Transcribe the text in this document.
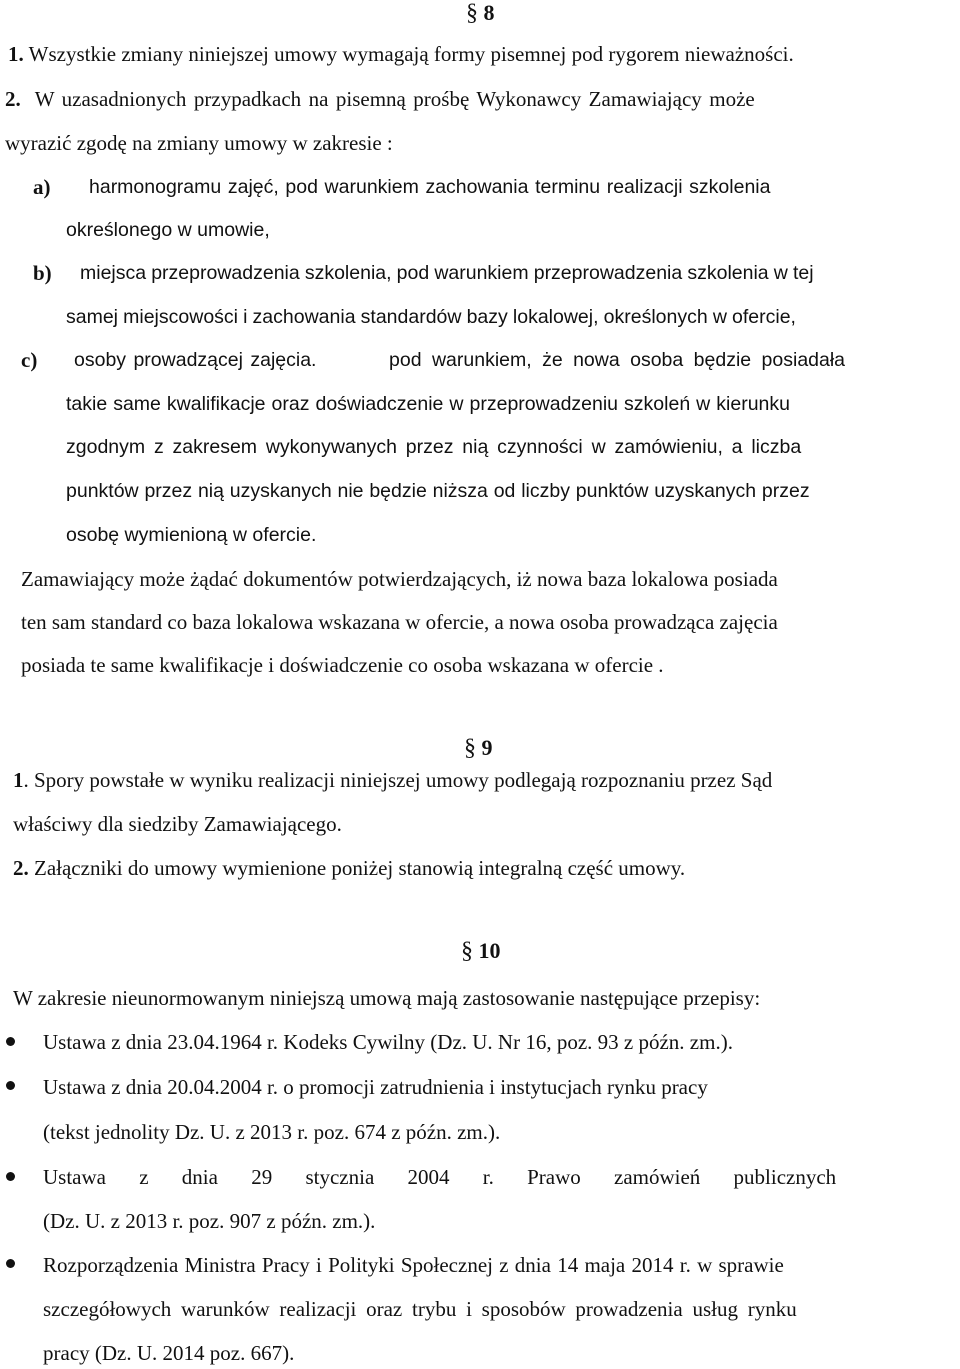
§ 8
1. Wszystkie zmiany niniejszej umowy wymagają formy pisemnej pod rygorem nieważności.
2. W uzasadnionych przypadkach na pisemną prośbę Wykonawcy Zamawiający może
wyrazić zgodę na zmiany umowy w zakresie :
a) harmonogramu zajęć, pod warunkiem zachowania terminu realizacji szkolenia
określonego w umowie,
b) miejsca przeprowadzenia szkolenia, pod warunkiem przeprowadzenia szkolenia w tej
samej miejscowości i zachowania standardów bazy lokalowej, określonych w ofercie,
c) osoby prowadzącej zajęcia.	pod warunkiem, że nowa osoba będzie posiadała
takie same kwalifikacje oraz doświadczenie w przeprowadzeniu szkoleń w kierunku
zgodnym z zakresem wykonywanych przez nią czynności w zamówieniu, a liczba
punktów przez nią uzyskanych nie będzie niższa od liczby punktów uzyskanych przez
osobę wymienioną w ofercie.
Zamawiający może żądać dokumentów potwierdzających, iż nowa baza lokalowa posiada
ten sam standard co baza lokalowa wskazana w ofercie, a nowa osoba prowadząca zajęcia
posiada te same kwalifikacje i doświadczenie co osoba wskazana w ofercie .
§ 9
1. Spory powstałe w wyniku realizacji niniejszej umowy podlegają rozpoznaniu przez Sąd
właściwy dla siedziby Zamawiającego.
2. Załączniki do umowy wymienione poniżej stanowią integralną część umowy.
§ 10
W zakresie nieunormowanym niniejszą umową mają zastosowanie następujące przepisy:
Ustawa z dnia 23.04.1964 r. Kodeks Cywilny (Dz. U. Nr 16, poz. 93 z późn. zm.).
Ustawa z dnia 20.04.2004 r. o promocji zatrudnienia i instytucjach rynku pracy
(tekst jednolity Dz. U. z 2013 r. poz. 674 z późn. zm.).
Ustawa z dnia 29 stycznia 2004 r. Prawo zamówień publicznych
(Dz. U. z 2013 r. poz. 907 z późn. zm.).
Rozporządzenia Ministra Pracy i Polityki Społecznej z dnia 14 maja 2014 r. w sprawie
szczegółowych warunków realizacji oraz trybu i sposobów prowadzenia usług rynku
pracy (Dz. U. 2014 poz. 667).
